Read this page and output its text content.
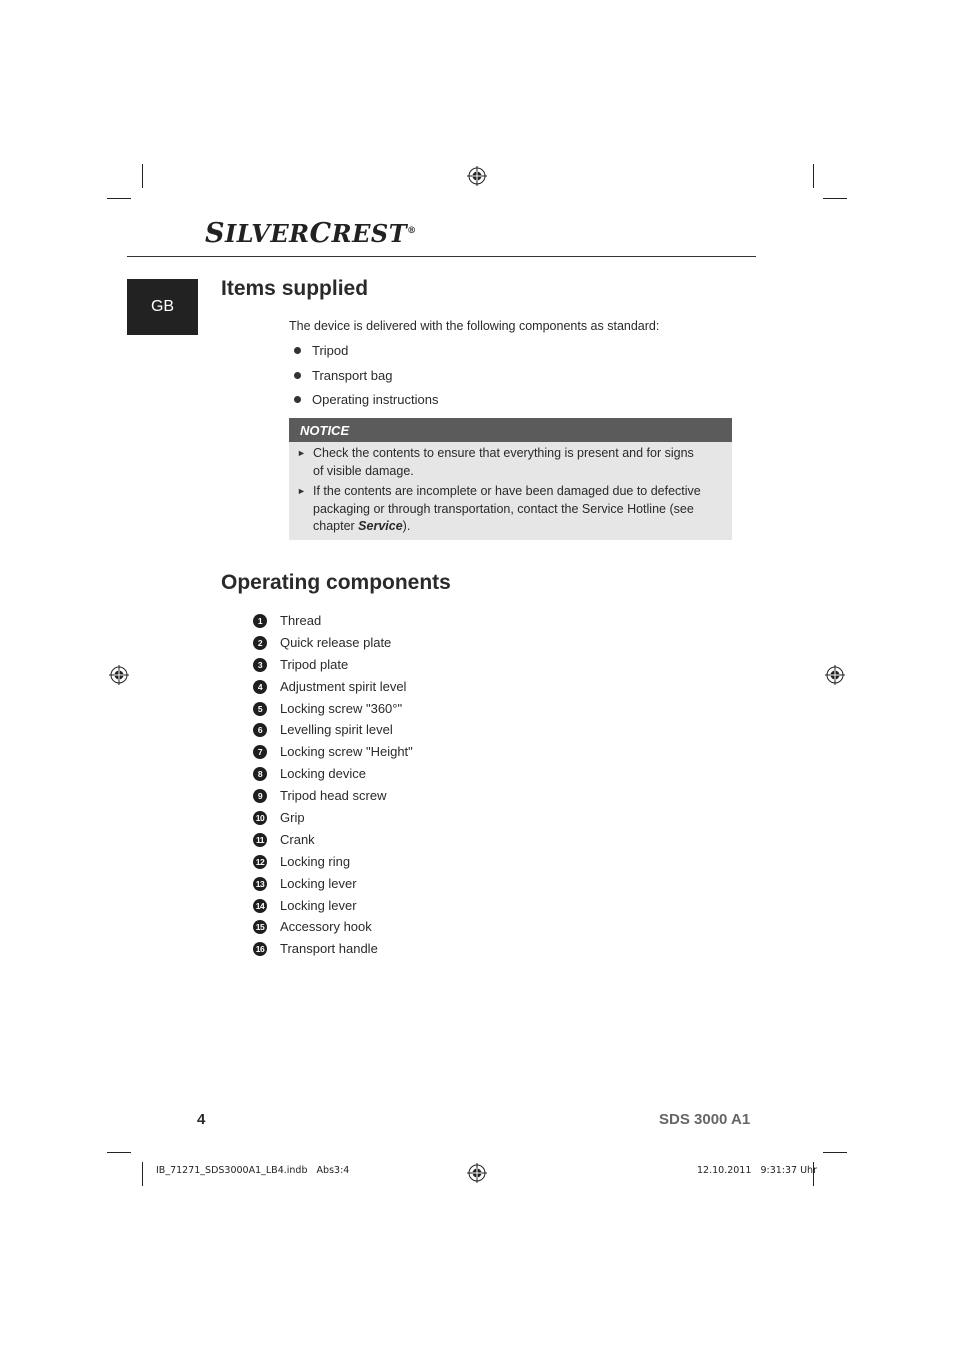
SILVERCREST®
GB
Items supplied
The device is delivered with the following components as standard:
Tripod
Transport bag
Operating instructions
NOTICE
► Check the contents to ensure that everything is present and for signs of visible damage.
► If the contents are incomplete or have been damaged due to defective packaging or through transportation, contact the Service Hotline (see chapter Service).
Operating components
1	Thread
2	Quick release plate
3	Tripod plate
4	Adjustment spirit level
5	Locking screw "360°"
6	Levelling spirit level
7	Locking screw "Height"
8	Locking device
9	Tripod head screw
10 Grip
11 Crank
12 Locking ring
13 Locking lever
14 Locking lever
15 Accessory hook
16 Transport handle
4	SDS 3000 A1
IB_71271_SDS3000A1_LB4.indb   Abs3:4	12.10.2011   9:31:37 Uhr
